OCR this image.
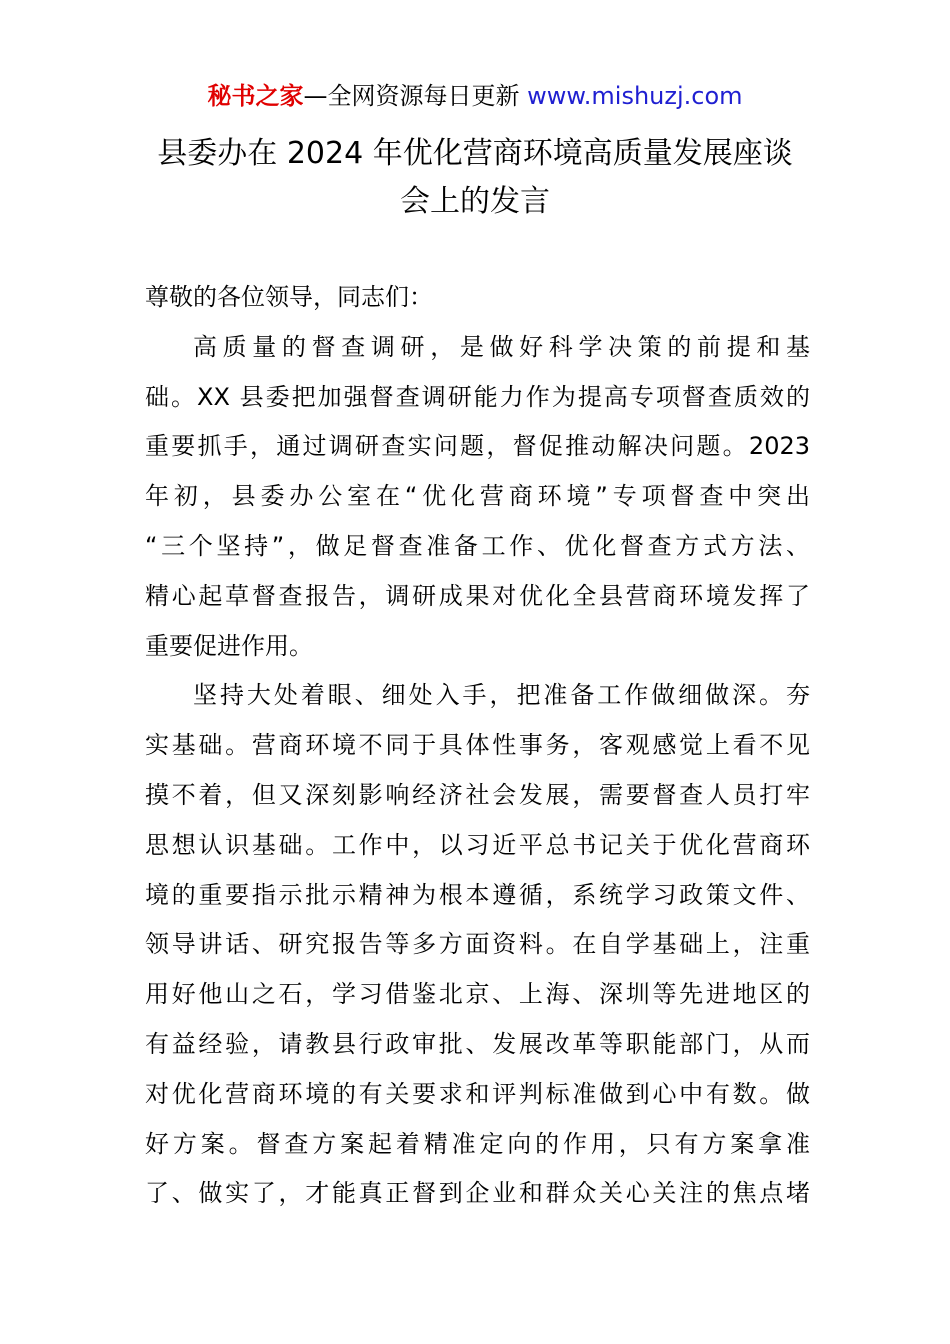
秘书之家—全网资源每日更新 www.mishuzj.com
县委办在 2024 年优化营商环境高质量发展座谈
会上的发言
尊敬的各位领导，同志们：

高质量的督查调研，是做好科学决策的前提和基
础。XX 县委把加强督查调研能力作为提高专项督查质效的
重要抓手，通过调研查实问题，督促推动解决问题。2023
年初，县委办公室在“优化营商环境”专项督查中突出
“三个坚持”，做足督查准备工作、优化督查方式方法、
精心起草督查报告，调研成果对优化全县营商环境发挥了
重要促进作用。

坚持大处着眼、细处入手，把准备工作做细做深。夯
实基础。营商环境不同于具体性事务，客观感觉上看不见
摸不着，但又深刻影响经济社会发展，需要督查人员打牢
思想认识基础。工作中，以习近平总书记关于优化营商环
境的重要指示批示精神为根本遵循，系统学习政策文件、
领导讲话、研究报告等多方面资料。在自学基础上，注重
用好他山之石，学习借鉴北京、上海、深圳等先进地区的
有益经验，请教县行政审批、发展改革等职能部门，从而
对优化营商环境的有关要求和评判标准做到心中有数。做
好方案。督查方案起着精准定向的作用，只有方案拿准
了、做实了，才能真正督到企业和群众关心关注的焦点堵
